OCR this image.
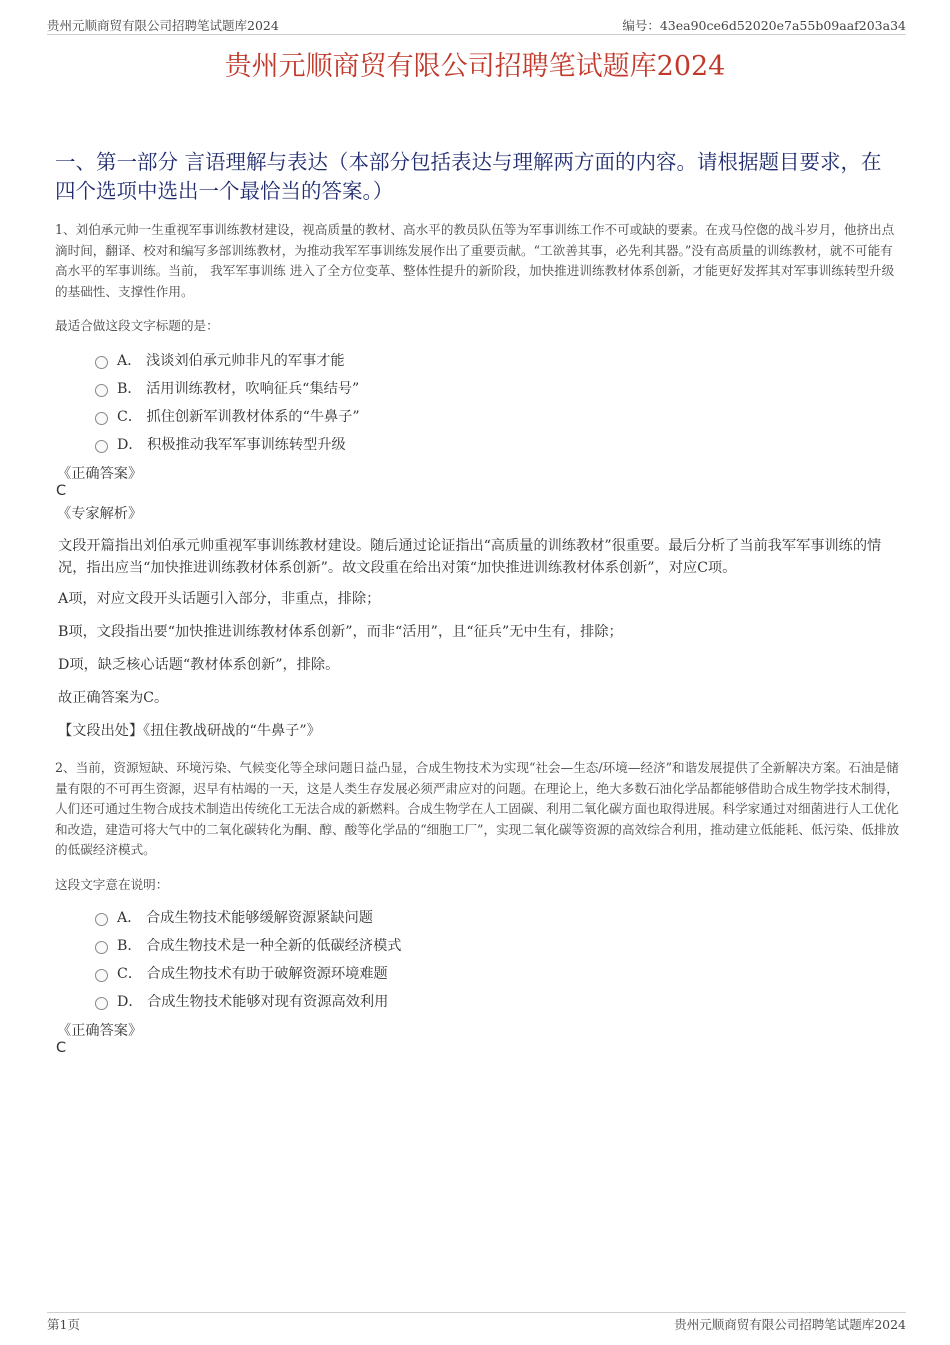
贵州元顺商贸有限公司招聘笔试题库2024	编号：43ea90ce6d52020e7a55b09aaf203a34
贵州元顺商贸有限公司招聘笔试题库2024
一、第一部分 言语理解与表达（本部分包括表达与理解两方面的内容。请根据题目要求，在四个选项中选出一个最恰当的答案。）
1、刘伯承元帅一生重视军事训练教材建设，视高质量的教材、高水平的教员队伍等为军事训练工作不可或缺的要素。在戎马倥偬的战斗岁月，他挤出点滴时间，翻译、校对和编写多部训练教材，为推动我军军事训练发展作出了重要贡献。“工欲善其事，必先利其器。”没有高质量的训练教材，就不可能有高水平的军事训练。当前， 我军军事训练 进入了全方位变革、整体性提升的新阶段，加快推进训练教材体系创新，才能更好发挥其对军事训练转型升级的基础性、支撑性作用。
最适合做这段文字标题的是：
A． 浅谈刘伯承元帅非凡的军事才能
B． 活用训练教材，吹响征兵“集结号”
C． 抓住创新军训教材体系的“牛鼻子”
D． 积极推动我军军事训练转型升级
《正确答案》
C
《专家解析》
文段开篇指出刘伯承元帅重视军事训练教材建设。随后通过论证指出“高质量的训练教材”很重要。最后分析了当前我军军事训练的情况，指出应当“加快推进训练教材体系创新”。故文段重在给出对策“加快推进训练教材体系创新”，对应C项。
A项，对应文段开头话题引入部分，非重点，排除；
B项，文段指出要“加快推进训练教材体系创新”，而非“活用”，且“征兵”无中生有，排除；
D项，缺乏核心话题“教材体系创新”，排除。
故正确答案为C。
【文段出处】《扭住教战研战的“牛鼻子”》
2、当前，资源短缺、环境污染、气候变化等全球问题日益凸显，合成生物技术为实现“社会—生态/环境—经济”和谐发展提供了全新解决方案。石油是储量有限的不可再生资源，迟早有枯竭的一天，这是人类生存发展必须严肃应对的问题。在理论上，绝大多数石油化学品都能够借助合成生物学技术制得，人们还可通过生物合成技术制造出传统化工无法合成的新燃料。合成生物学在人工固碳、利用二氧化碳方面也取得进展。科学家通过对细菌进行人工优化和改造，建造可将大气中的二氧化碳转化为酮、醇、酸等化学品的“细胞工厂”，实现二氧化碳等资源的高效综合利用，推动建立低能耗、低污染、低排放的低碳经济模式。
这段文字意在说明：
A． 合成生物技术能够缓解资源紧缺问题
B． 合成生物技术是一种全新的低碳经济模式
C． 合成生物技术有助于破解资源环境难题
D． 合成生物技术能够对现有资源高效利用
《正确答案》
C
第1页	贵州元顺商贸有限公司招聘笔试题库2024
